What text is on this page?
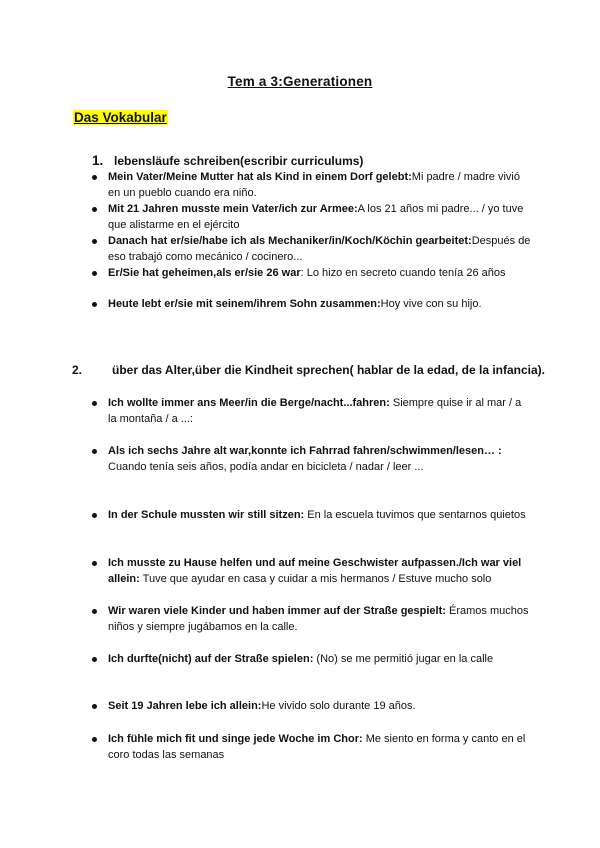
Tem a 3:Generationen
Das Vokabular
1. lebensläufe schreiben(escribir curriculums)
Mein Vater/Meine Mutter hat als Kind in einem Dorf gelebt:Mi padre / madre vivió en un pueblo cuando era niño.
Mit 21 Jahren musste mein Vater/ich zur Armee:A los 21 años mi padre... / yo tuve que alistarme en el ejército
Danach hat er/sie/habe ich als Mechaniker/in/Koch/Köchin gearbeitet:Después de eso trabajó como mecánico / cocinero...
Er/Sie hat geheimen,als er/sie 26 war: Lo hizo en secreto cuando tenía 26 años
Heute lebt er/sie mit seinem/ihrem Sohn zusammen:Hoy vive con su hijo.
2. über das Alter,über die Kindheit sprechen( hablar de la edad, de la infancia).
Ich wollte immer ans Meer/in die Berge/nacht...fahren: Siempre quise ir al mar / a la montaña / a ...:
Als ich sechs Jahre alt war,konnte ich Fahrrad fahren/schwimmen/lesen… : Cuando tenía seis años, podía andar en bicicleta / nadar / leer ...
In der Schule mussten wir still sitzen: En la escuela tuvimos que sentarnos quietos
Ich musste zu Hause helfen und auf meine Geschwister aufpassen./Ich war viel allein: Tuve que ayudar en casa y cuidar a mis hermanos / Estuve mucho solo
Wir waren viele Kinder und haben immer auf der Straße gespielt: Éramos muchos niños y siempre jugábamos en la calle.
Ich durfte(nicht) auf der Straße spielen: (No) se me permitió jugar en la calle
Seit 19 Jahren lebe ich allein:He vivido solo durante 19 años.
Ich fühle mich fit und singe jede Woche im Chor: Me siento en forma y canto en el coro todas las semanas
